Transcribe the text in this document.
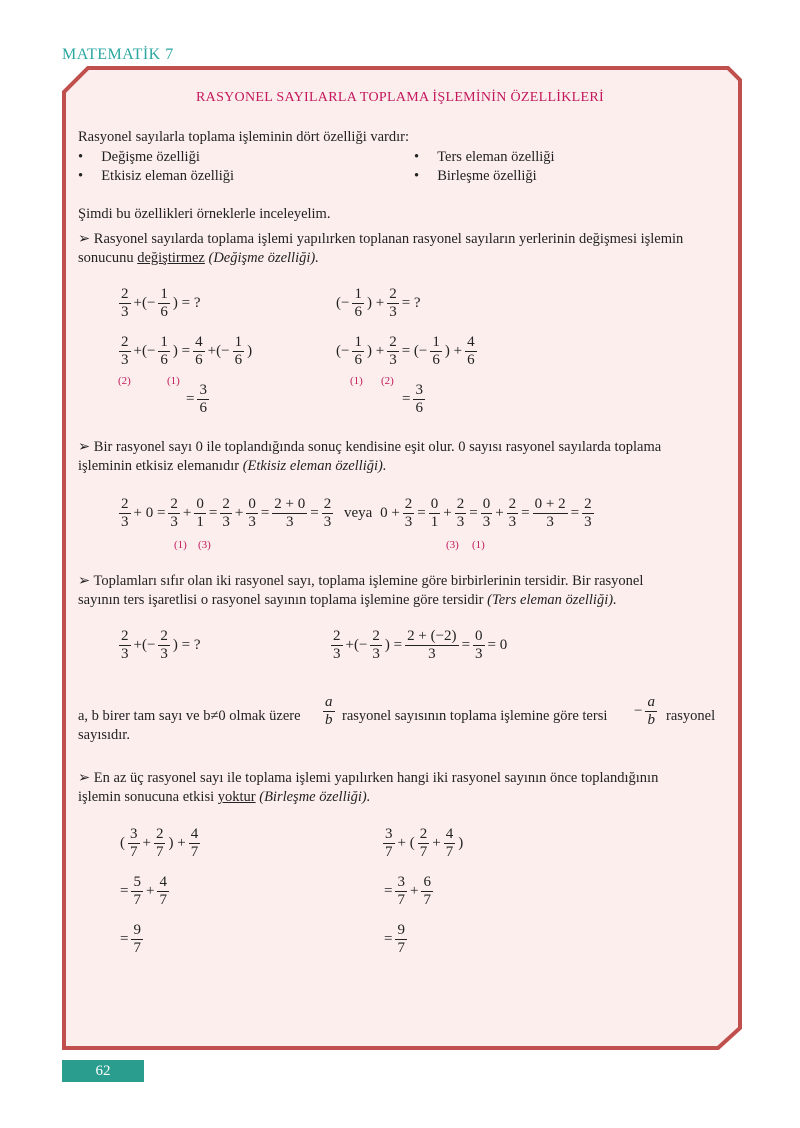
MATEMATİK 7
RASYONEL SAYILARLA TOPLAMA İŞLEMİNİN ÖZELLİKLERİ
Rasyonel sayılarla toplama işleminin dört özelliği vardır:
•     Değişme özelliği
•     Etkisiz eleman özelliği
•     Ters eleman özelliği
•     Birleşme özelliği
Şimdi bu özellikleri örneklerle inceleyelim.
➢ Rasyonel sayılarda toplama işlemi yapılırken toplanan rasyonel sayıların yerlerinin değişmesi işlemin
sonucunu değiştirmez (Değişme özelliği).
$\frac{2}{3}$ +(− $\frac{1}{6}$ ) = ?
$\frac{2}{3}$ +(− $\frac{1}{6}$ ) = $\frac{4}{6}$ +(− $\frac{1}{6}$ )
(2)	(1)
= $\frac{3}{6}$
(− $\frac{1}{6}$ ) + $\frac{2}{3}$ = ?
(− $\frac{1}{6}$ ) + $\frac{2}{3}$ = (− $\frac{1}{6}$ ) + $\frac{4}{6}$
(1) (2)
= $\frac{3}{6}$
➢ Bir rasyonel sayı 0 ile toplandığında sonuç kendisine eşit olur. 0 sayısı rasyonel sayılarda toplama
işleminin etkisiz elemanıdır (Etkisiz eleman özelliği).
$\frac{2}{3} + 0 = \frac{2}{3} + \frac{0}{1} = \frac{2}{3} + \frac{0}{3} = \frac{2 + 0}{3} = \frac{2}{3}$ veya $0 + \frac{2}{3} = \frac{0}{1} + \frac{2}{3} = \frac{0}{3} + \frac{2}{3} = \frac{0 + 2}{3} = \frac{2}{3}$
(1) (3)	(3) (1)
➢ Toplamları sıfır olan iki rasyonel sayı, toplama işlemine göre birbirlerinin tersidir. Bir rasyonel
sayının ters işaretlisi o rasyonel sayının toplama işlemine göre tersidir (Ters eleman özelliği).
$\frac{2}{3}$ +(− $\frac{2}{3}$ ) = ?	$\frac{2}{3}$ +(− $\frac{2}{3}$ ) = $\frac{2 + (-2)}{3} = \frac{0}{3} = 0$
a, b birer tam sayı ve b≠0 olmak üzere $\frac{a}{b}$ rasyonel sayısının toplama işlemine göre tersi − $\frac{a}{b}$ rasyonel
sayısıdır.
➢ En az üç rasyonel sayı ile toplama işlemi yapılırken hangi iki rasyonel sayının önce toplandığının
işlemin sonucuna etkisi yoktur (Birleşme özelliği).
( $\frac{3}{7} + \frac{2}{7}$ ) + $\frac{4}{7}$
= $\frac{5}{7} + \frac{4}{7}$
= $\frac{9}{7}$
$\frac{3}{7}$ + ( $\frac{2}{7} + \frac{4}{7}$ )
= $\frac{3}{7} + \frac{6}{7}$
= $\frac{9}{7}$
62
